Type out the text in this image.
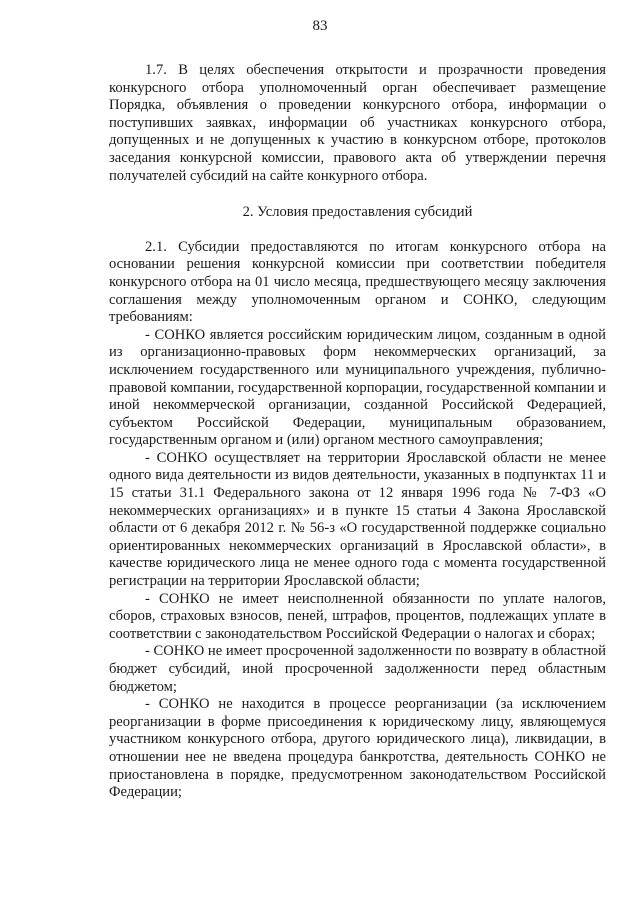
83

1.7. В целях обеспечения открытости и прозрачности проведения конкурсного отбора уполномоченный орган обеспечивает размещение Порядка, объявления о проведении конкурсного отбора, информации о поступивших заявках, информации об участниках конкурсного отбора, допущенных и не допущенных к участию в конкурсном отборе, протоколов заседания конкурсной комиссии, правового акта об утверждении перечня получателей субсидий на сайте конкурного отбора.

2. Условия предоставления субсидий

2.1. Субсидии предоставляются по итогам конкурсного отбора на основании решения конкурсной комиссии при соответствии победителя конкурсного отбора на 01 число месяца, предшествующего месяцу заключения соглашения между уполномоченным органом и СОНКО, следующим требованиям:

- СОНКО является российским юридическим лицом, созданным в одной из организационно-правовых форм некоммерческих организаций, за исключением государственного или муниципального учреждения, публично-правовой компании, государственной корпорации, государственной компании и иной некоммерческой организации, созданной Российской Федерацией, субъектом Российской Федерации, муниципальным образованием, государственным органом и (или) органом местного самоуправления;

- СОНКО осуществляет на территории Ярославской области не менее одного вида деятельности из видов деятельности, указанных в подпунктах 11 и 15 статьи 31.1 Федерального закона от 12 января 1996 года № 7-ФЗ «О некоммерческих организациях» и в пункте 15 статьи 4 Закона Ярославской области от 6 декабря 2012 г. № 56-з «О государственной поддержке социально ориентированных некоммерческих организаций в Ярославской области», в качестве юридического лица не менее одного года с момента государственной регистрации на территории Ярославской области;

- СОНКО не имеет неисполненной обязанности по уплате налогов, сборов, страховых взносов, пеней, штрафов, процентов, подлежащих уплате в соответствии с законодательством Российской Федерации о налогах и сборах;

- СОНКО не имеет просроченной задолженности по возврату в областной бюджет субсидий, иной просроченной задолженности перед областным бюджетом;

- СОНКО не находится в процессе реорганизации (за исключением реорганизации в форме присоединения к юридическому лицу, являющемуся участником конкурсного отбора, другого юридического лица), ликвидации, в отношении нее не введена процедура банкротства, деятельность СОНКО не приостановлена в порядке, предусмотренном законодательством Российской Федерации;
